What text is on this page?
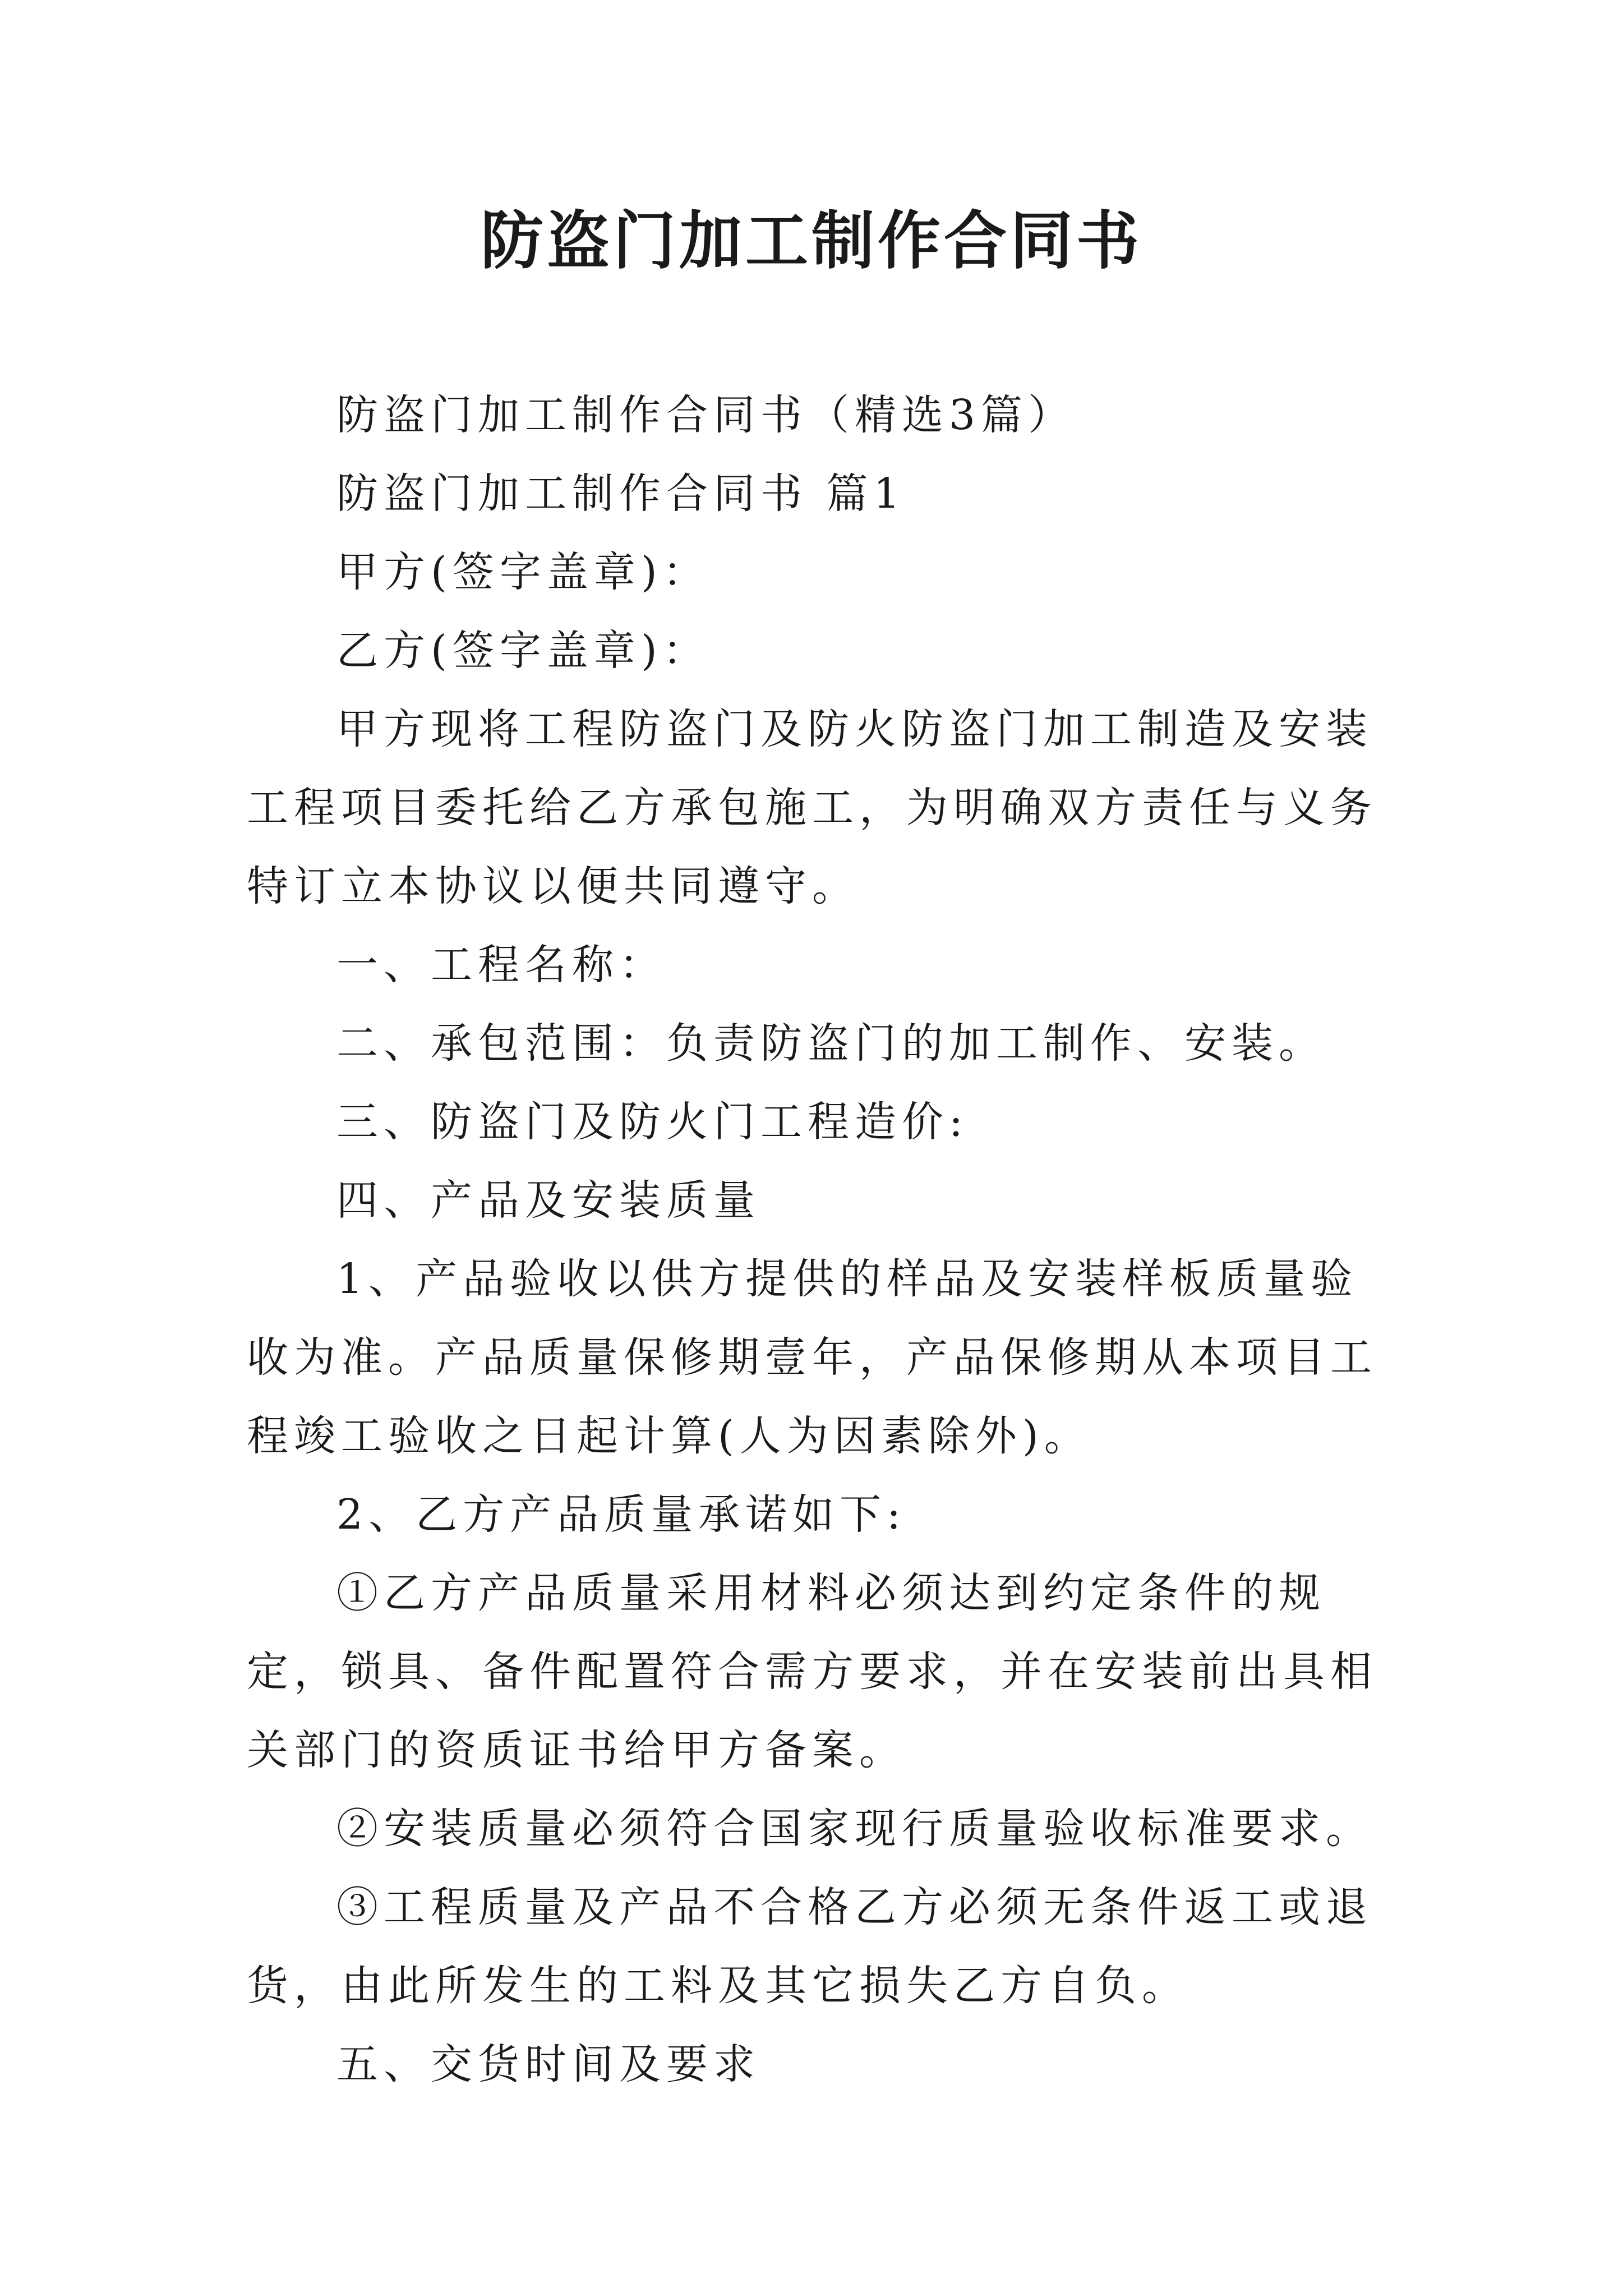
防盗门加工制作合同书

防盗门加工制作合同书（精选3篇）

防盗门加工制作合同书 篇1

甲方(签字盖章)：

乙方(签字盖章)：

甲方现将工程防盗门及防火防盗门加工制造及安装工程项目委托给乙方承包施工，为明确双方责任与义务特订立本协议以便共同遵守。

一、工程名称：

二、承包范围：负责防盗门的加工制作、安装。

三、防盗门及防火门工程造价:

四、产品及安装质量

1、产品验收以供方提供的样品及安装样板质量验收为准。产品质量保修期壹年，产品保修期从本项目工程竣工验收之日起计算(人为因素除外)。

2、乙方产品质量承诺如下:

①乙方产品质量采用材料必须达到约定条件的规定，锁具、备件配置符合需方要求，并在安装前出具相关部门的资质证书给甲方备案。

②安装质量必须符合国家现行质量验收标准要求。

③工程质量及产品不合格乙方必须无条件返工或退货，由此所发生的工料及其它损失乙方自负。

五、交货时间及要求
